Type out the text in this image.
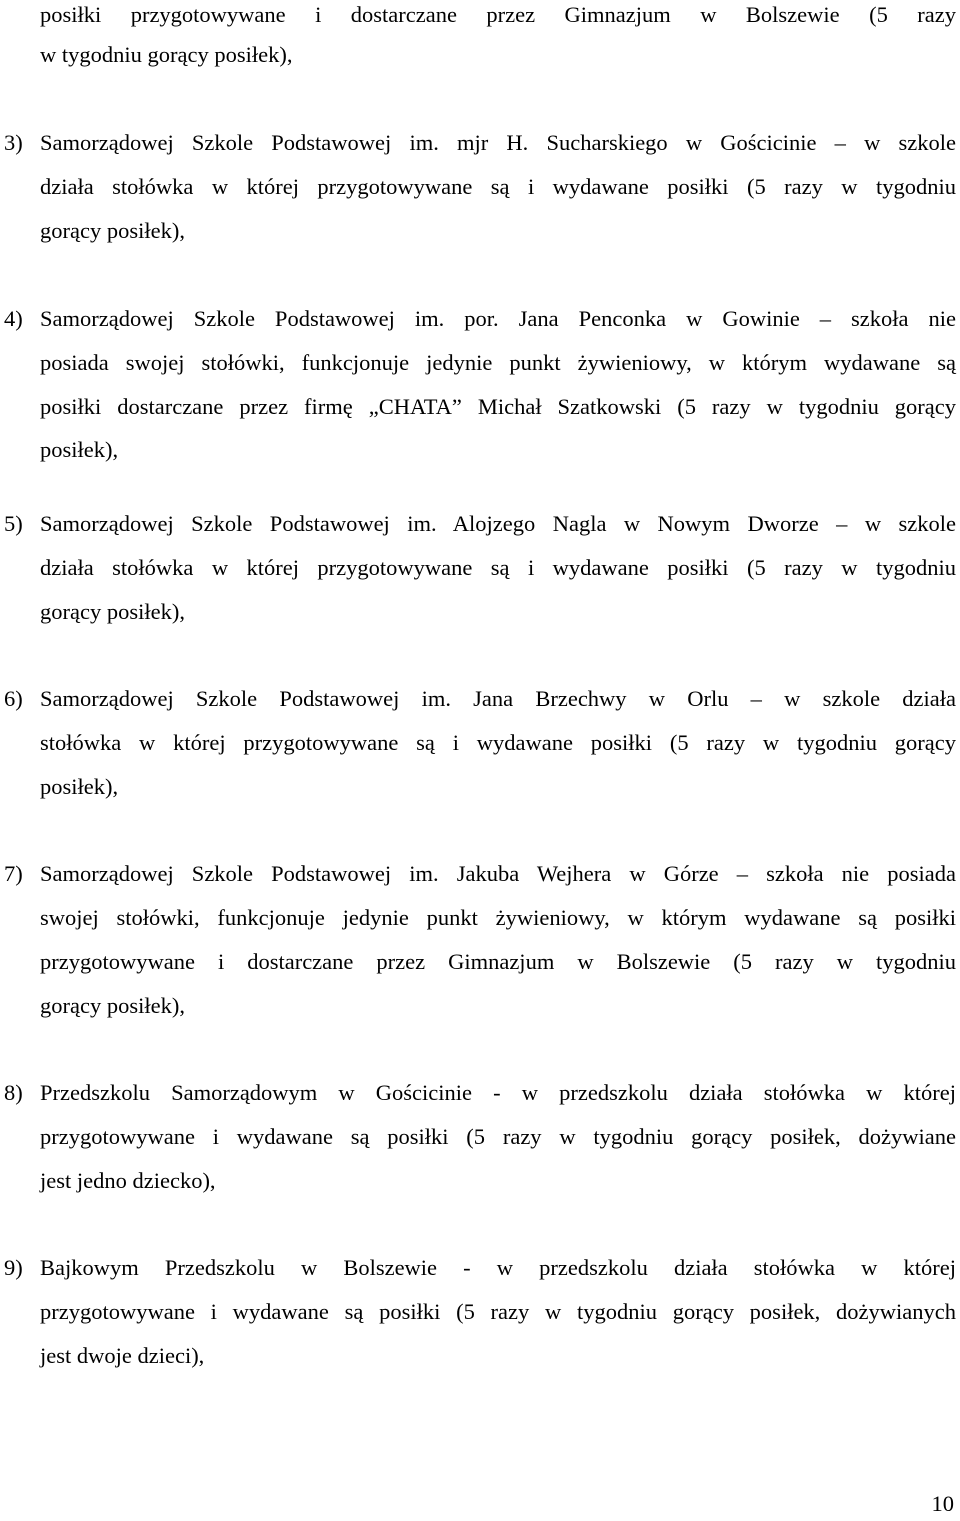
posiłki przygotowywane i dostarczane przez Gimnazjum w Bolszewie (5 razy
w tygodniu gorący posiłek),
3) Samorządowej Szkole Podstawowej im. mjr H. Sucharskiego w Gościcinie – w szkole
działa stołówka w której przygotowywane są i wydawane posiłki (5 razy w tygodniu
gorący posiłek),
4) Samorządowej Szkole Podstawowej im. por. Jana Penconka w Gowinie – szkoła nie
posiada swojej stołówki, funkcjonuje jedynie punkt żywieniowy, w którym wydawane są
posiłki dostarczane przez firmę „CHATA” Michał Szatkowski (5 razy w tygodniu gorący
posiłek),
5) Samorządowej Szkole Podstawowej im. Alojzego Nagla w Nowym Dworze – w szkole
działa stołówka w której przygotowywane są i wydawane posiłki (5 razy w tygodniu
gorący posiłek),
6) Samorządowej Szkole Podstawowej im. Jana Brzechwy w Orlu – w szkole działa
stołówka w której przygotowywane są i wydawane posiłki (5 razy w tygodniu gorący
posiłek),
7) Samorządowej Szkole Podstawowej im. Jakuba Wejhera w Górze – szkoła nie posiada
swojej stołówki, funkcjonuje jedynie punkt żywieniowy, w którym wydawane są posiłki
przygotowywane i dostarczane przez Gimnazjum w Bolszewie (5 razy w tygodniu
gorący posiłek),
8) Przedszkolu Samorządowym w Gościcinie - w przedszkolu działa stołówka w której
przygotowywane i wydawane są posiłki (5 razy w tygodniu gorący posiłek, dożywiane
jest jedno dziecko),
9) Bajkowym Przedszkolu w Bolszewie - w przedszkolu działa stołówka w której
przygotowywane i wydawane są posiłki (5 razy w tygodniu gorący posiłek, dożywianych
jest dwoje dzieci),
10
